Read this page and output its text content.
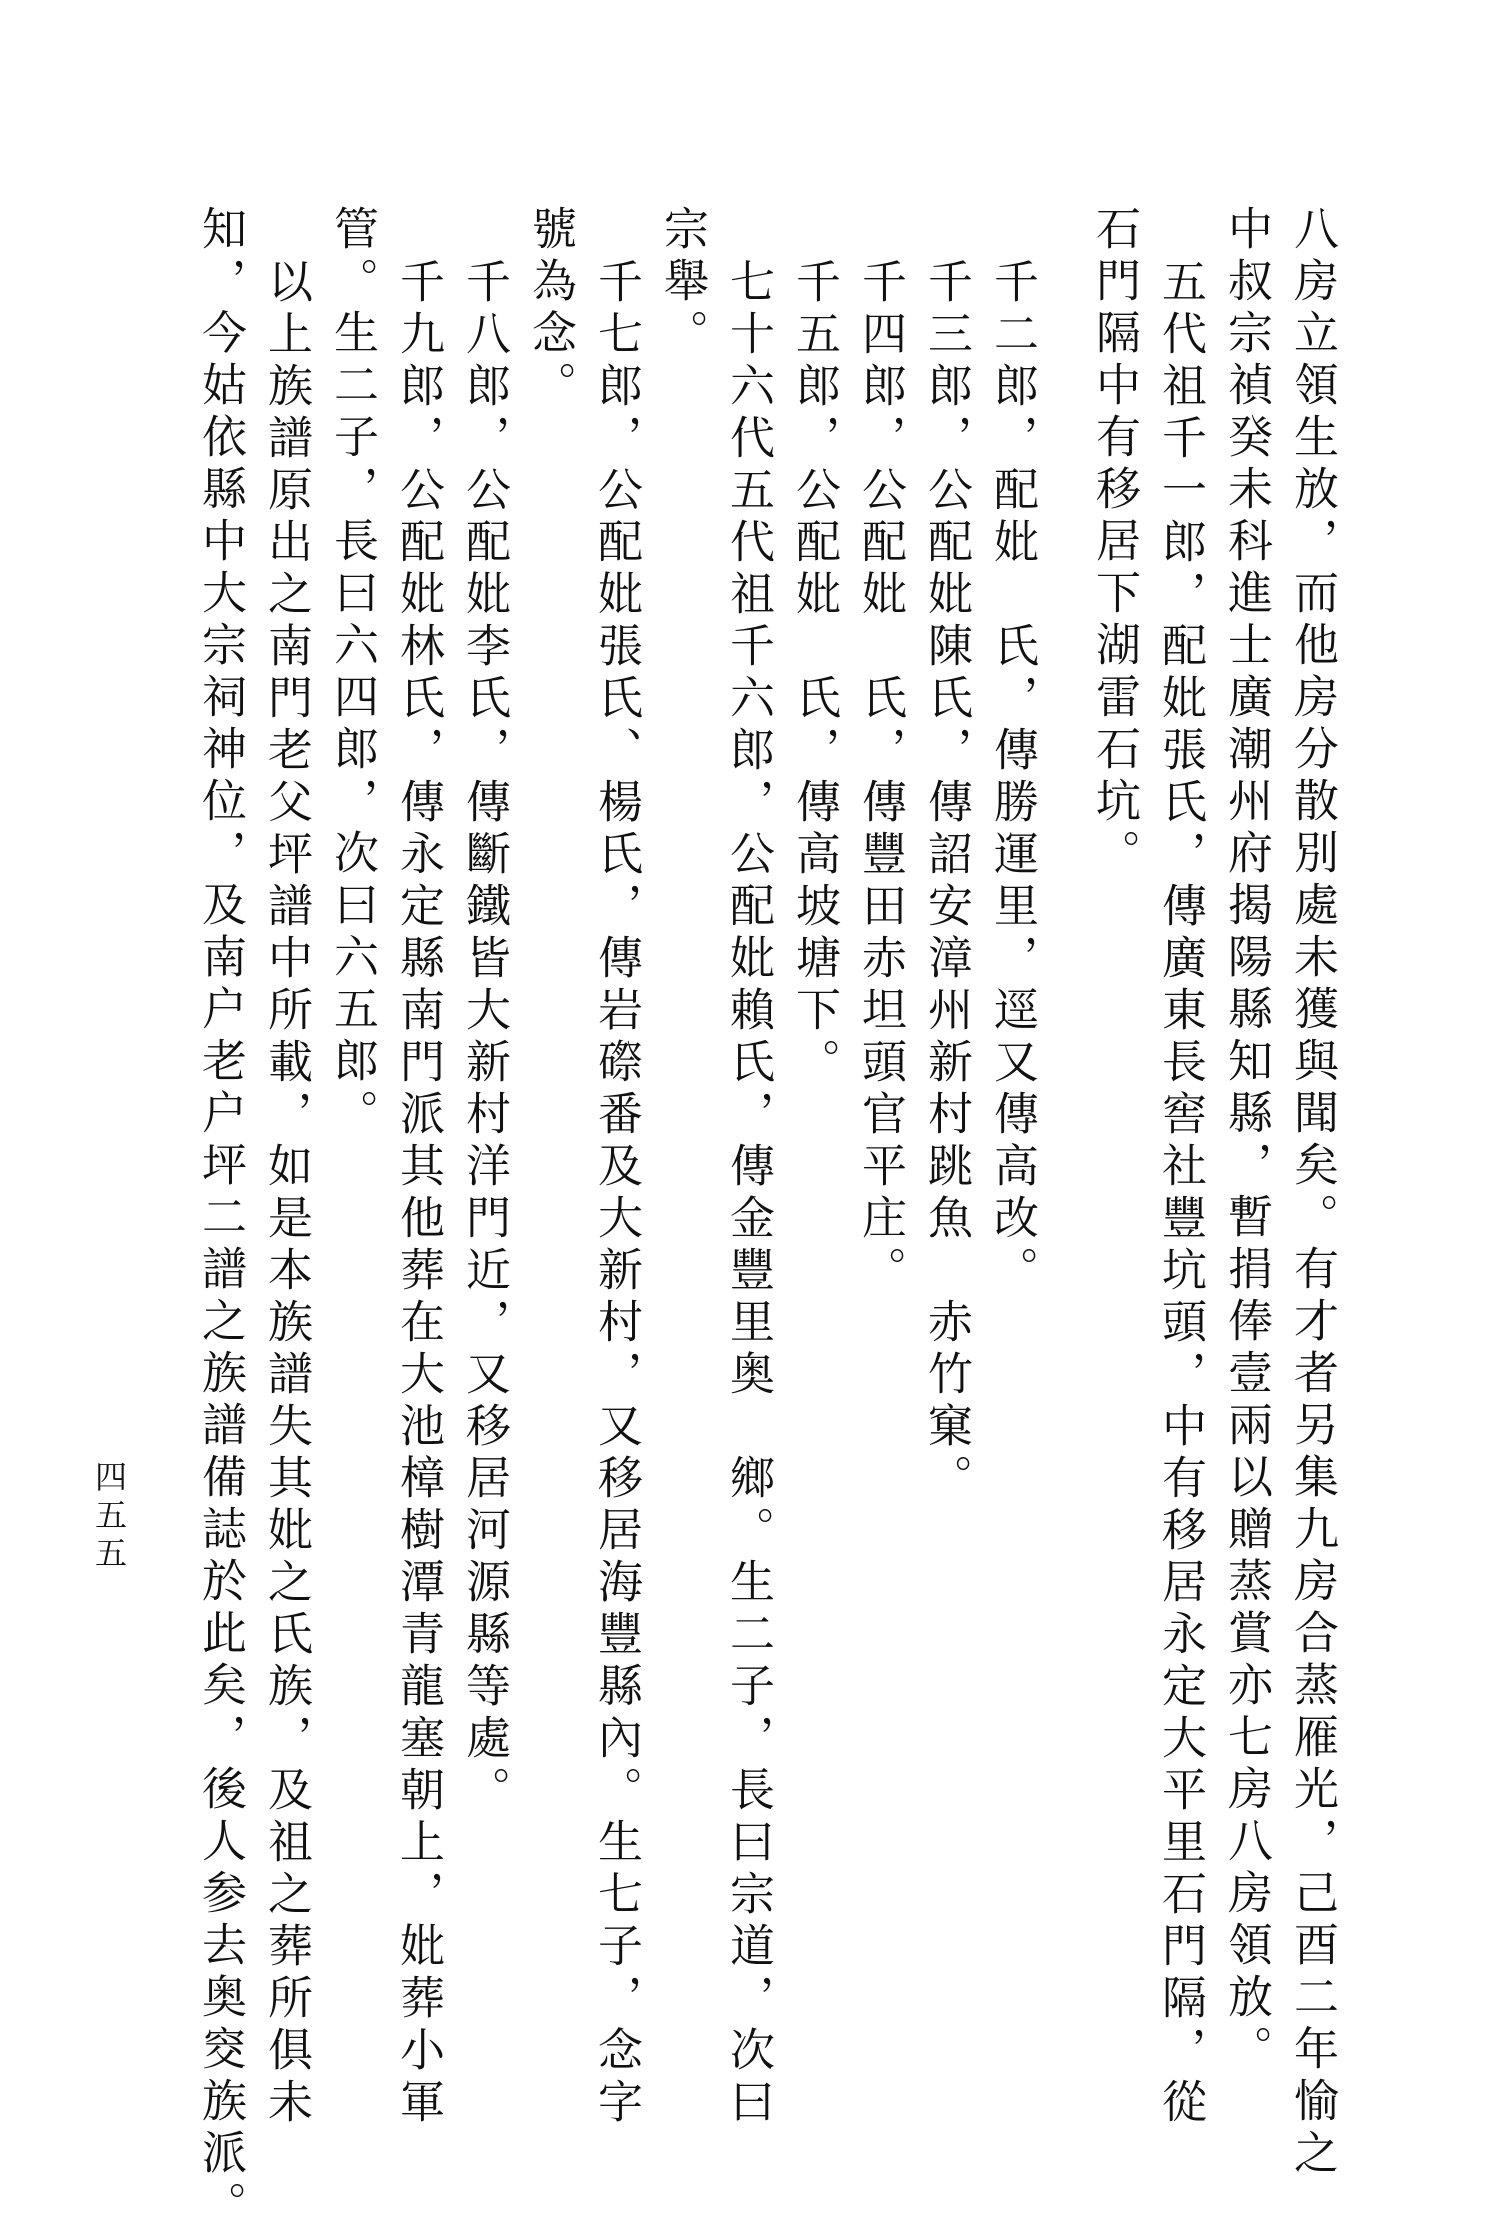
八房立領生放，而他房分散別處未獲與聞矣。有才者另集九房合蒸雁光，己酉二年愉之
中叔宗禎癸未科進士廣潮州府揭陽縣知縣，暫捐俸壹兩以贈蒸賞亦七房八房領放。
五代祖千一郎，配妣張氏，傳廣東長窖社豐坑頭，中有移居永定大平里石門隔，從
石門隔中有移居下湖雷石坑。
千二郎，配妣　氏，傳勝運里，逕又傳高改。
千三郎，公配妣陳氏，傳詔安漳州新村跳魚　赤竹窠。
千四郎，公配妣　氏，傳豐田赤坦頭官平庄。
千五郎，公配妣　氏，傳高坡塘下。
七十六代五代祖千六郎，公配妣賴氏，傳金豐里奥　鄉。生二子，長曰宗道，次曰
宗舉。
千七郎，公配妣張氏、楊氏，傳岩磜番及大新村，又移居海豐縣內。生七子，念字
號為念。
千八郎，公配妣李氏，傳斷鐵皆大新村洋門近，又移居河源縣等處。
千九郎，公配妣林氏，傳永定縣南門派其他葬在大池樟樹潭青龍塞朝上，妣葬小軍
管。生二子，長曰六四郎，次曰六五郎。
以上族譜原出之南門老父坪譜中所載，如是本族譜失其妣之氏族，及祖之葬所俱未
知，今姑依縣中大宗祠神位，及南户老户坪二譜之族譜備誌於此矣，後人参去奥窔族派。
四五五
